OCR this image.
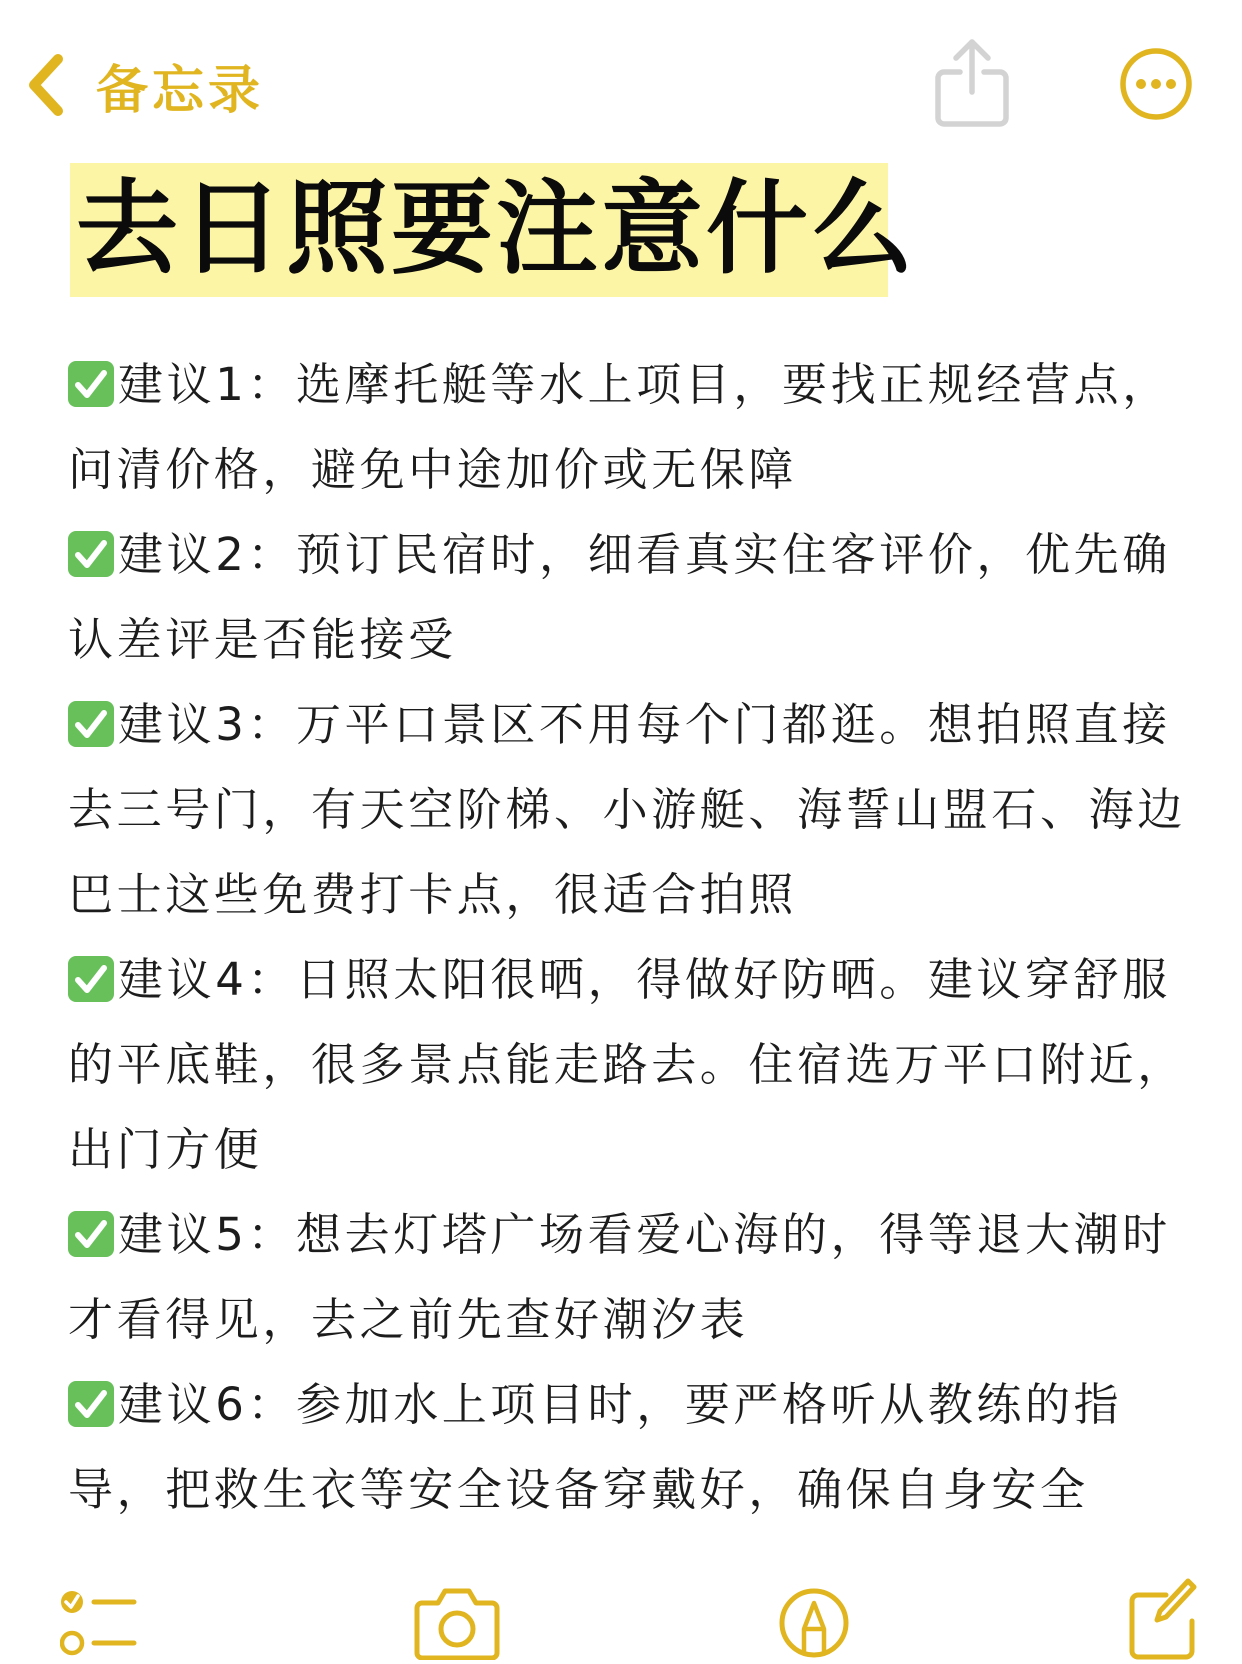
备忘录
去日照要注意什么
建议1：选摩托艇等水上项目，要找正规经营点，问清价格，避免中途加价或无保障
建议2：预订民宿时，细看真实住客评价，优先确认差评是否能接受
建议3：万平口景区不用每个门都逛。想拍照直接去三号门，有天空阶梯、小游艇、海誓山盟石、海边巴士这些免费打卡点，很适合拍照
建议4：日照太阳很晒，得做好防晒。建议穿舒服的平底鞋，很多景点能走路去。住宿选万平口附近，出门方便
建议5：想去灯塔广场看爱心海的，得等退大潮时才看得见，去之前先查好潮汐表
建议6：参加水上项目时，要严格听从教练的指导，把救生衣等安全设备穿戴好，确保自身安全
